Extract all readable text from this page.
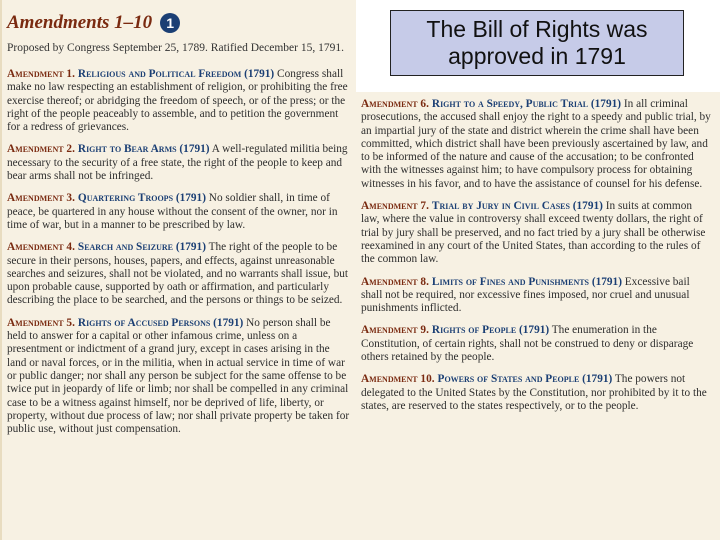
Amendments 1–10	1
Proposed by Congress September 25, 1789. Ratified December 15, 1791.
The Bill of Rights was approved in 1791

Amendment 1. Religious and Political Freedom (1791) Congress shall make no law respecting an establishment of religion, or prohibiting the free exercise thereof; or abridging the freedom of speech, or of the press; or the right of the people peaceably to assemble, and to petition the government for a redress of grievances.

Amendment 2. Right to Bear Arms (1791) A well-regulated militia being necessary to the security of a free state, the right of the people to keep and bear arms shall not be infringed.

Amendment 3. Quartering Troops (1791) No soldier shall, in time of peace, be quartered in any house without the consent of the owner, nor in time of war, but in a manner to be prescribed by law.

Amendment 4. Search and Seizure (1791) The right of the people to be secure in their persons, houses, papers, and effects, against unreasonable searches and seizures, shall not be violated, and no warrants shall issue, but upon probable cause, supported by oath or affirmation, and particularly describing the place to be searched, and the persons or things to be seized.

Amendment 5. Rights of Accused Persons (1791) No person shall be held to answer for a capital or other infamous crime, unless on a presentment or indictment of a grand jury, except in cases arising in the land or naval forces, or in the militia, when in actual service in time of war or public danger; nor shall any person be subject for the same offense to be twice put in jeopardy of life or limb; nor shall be compelled in any criminal case to be a witness against himself, nor be deprived of life, liberty, or property, without due process of law; nor shall private property be taken for public use, without just compensation.

Amendment 6. Right to a Speedy, Public Trial (1791) In all criminal prosecutions, the accused shall enjoy the right to a speedy and public trial, by an impartial jury of the state and district wherein the crime shall have been committed, which district shall have been previously ascertained by law, and to be informed of the nature and cause of the accusation; to be confronted with the witnesses against him; to have compulsory process for obtaining witnesses in his favor, and to have the assistance of counsel for his defense.

Amendment 7. Trial by Jury in Civil Cases (1791) In suits at common law, where the value in controversy shall exceed twenty dollars, the right of trial by jury shall be preserved, and no fact tried by a jury shall be otherwise reexamined in any court of the United States, than according to the rules of the common law.

Amendment 8. Limits of Fines and Punishments (1791) Excessive bail shall not be required, nor excessive fines imposed, nor cruel and unusual punishments inflicted.

Amendment 9. Rights of People (1791) The enumeration in the Constitution, of certain rights, shall not be construed to deny or disparage others retained by the people.

Amendment 10. Powers of States and People (1791) The powers not delegated to the United States by the Constitution, nor prohibited by it to the states, are reserved to the states respectively, or to the people.
